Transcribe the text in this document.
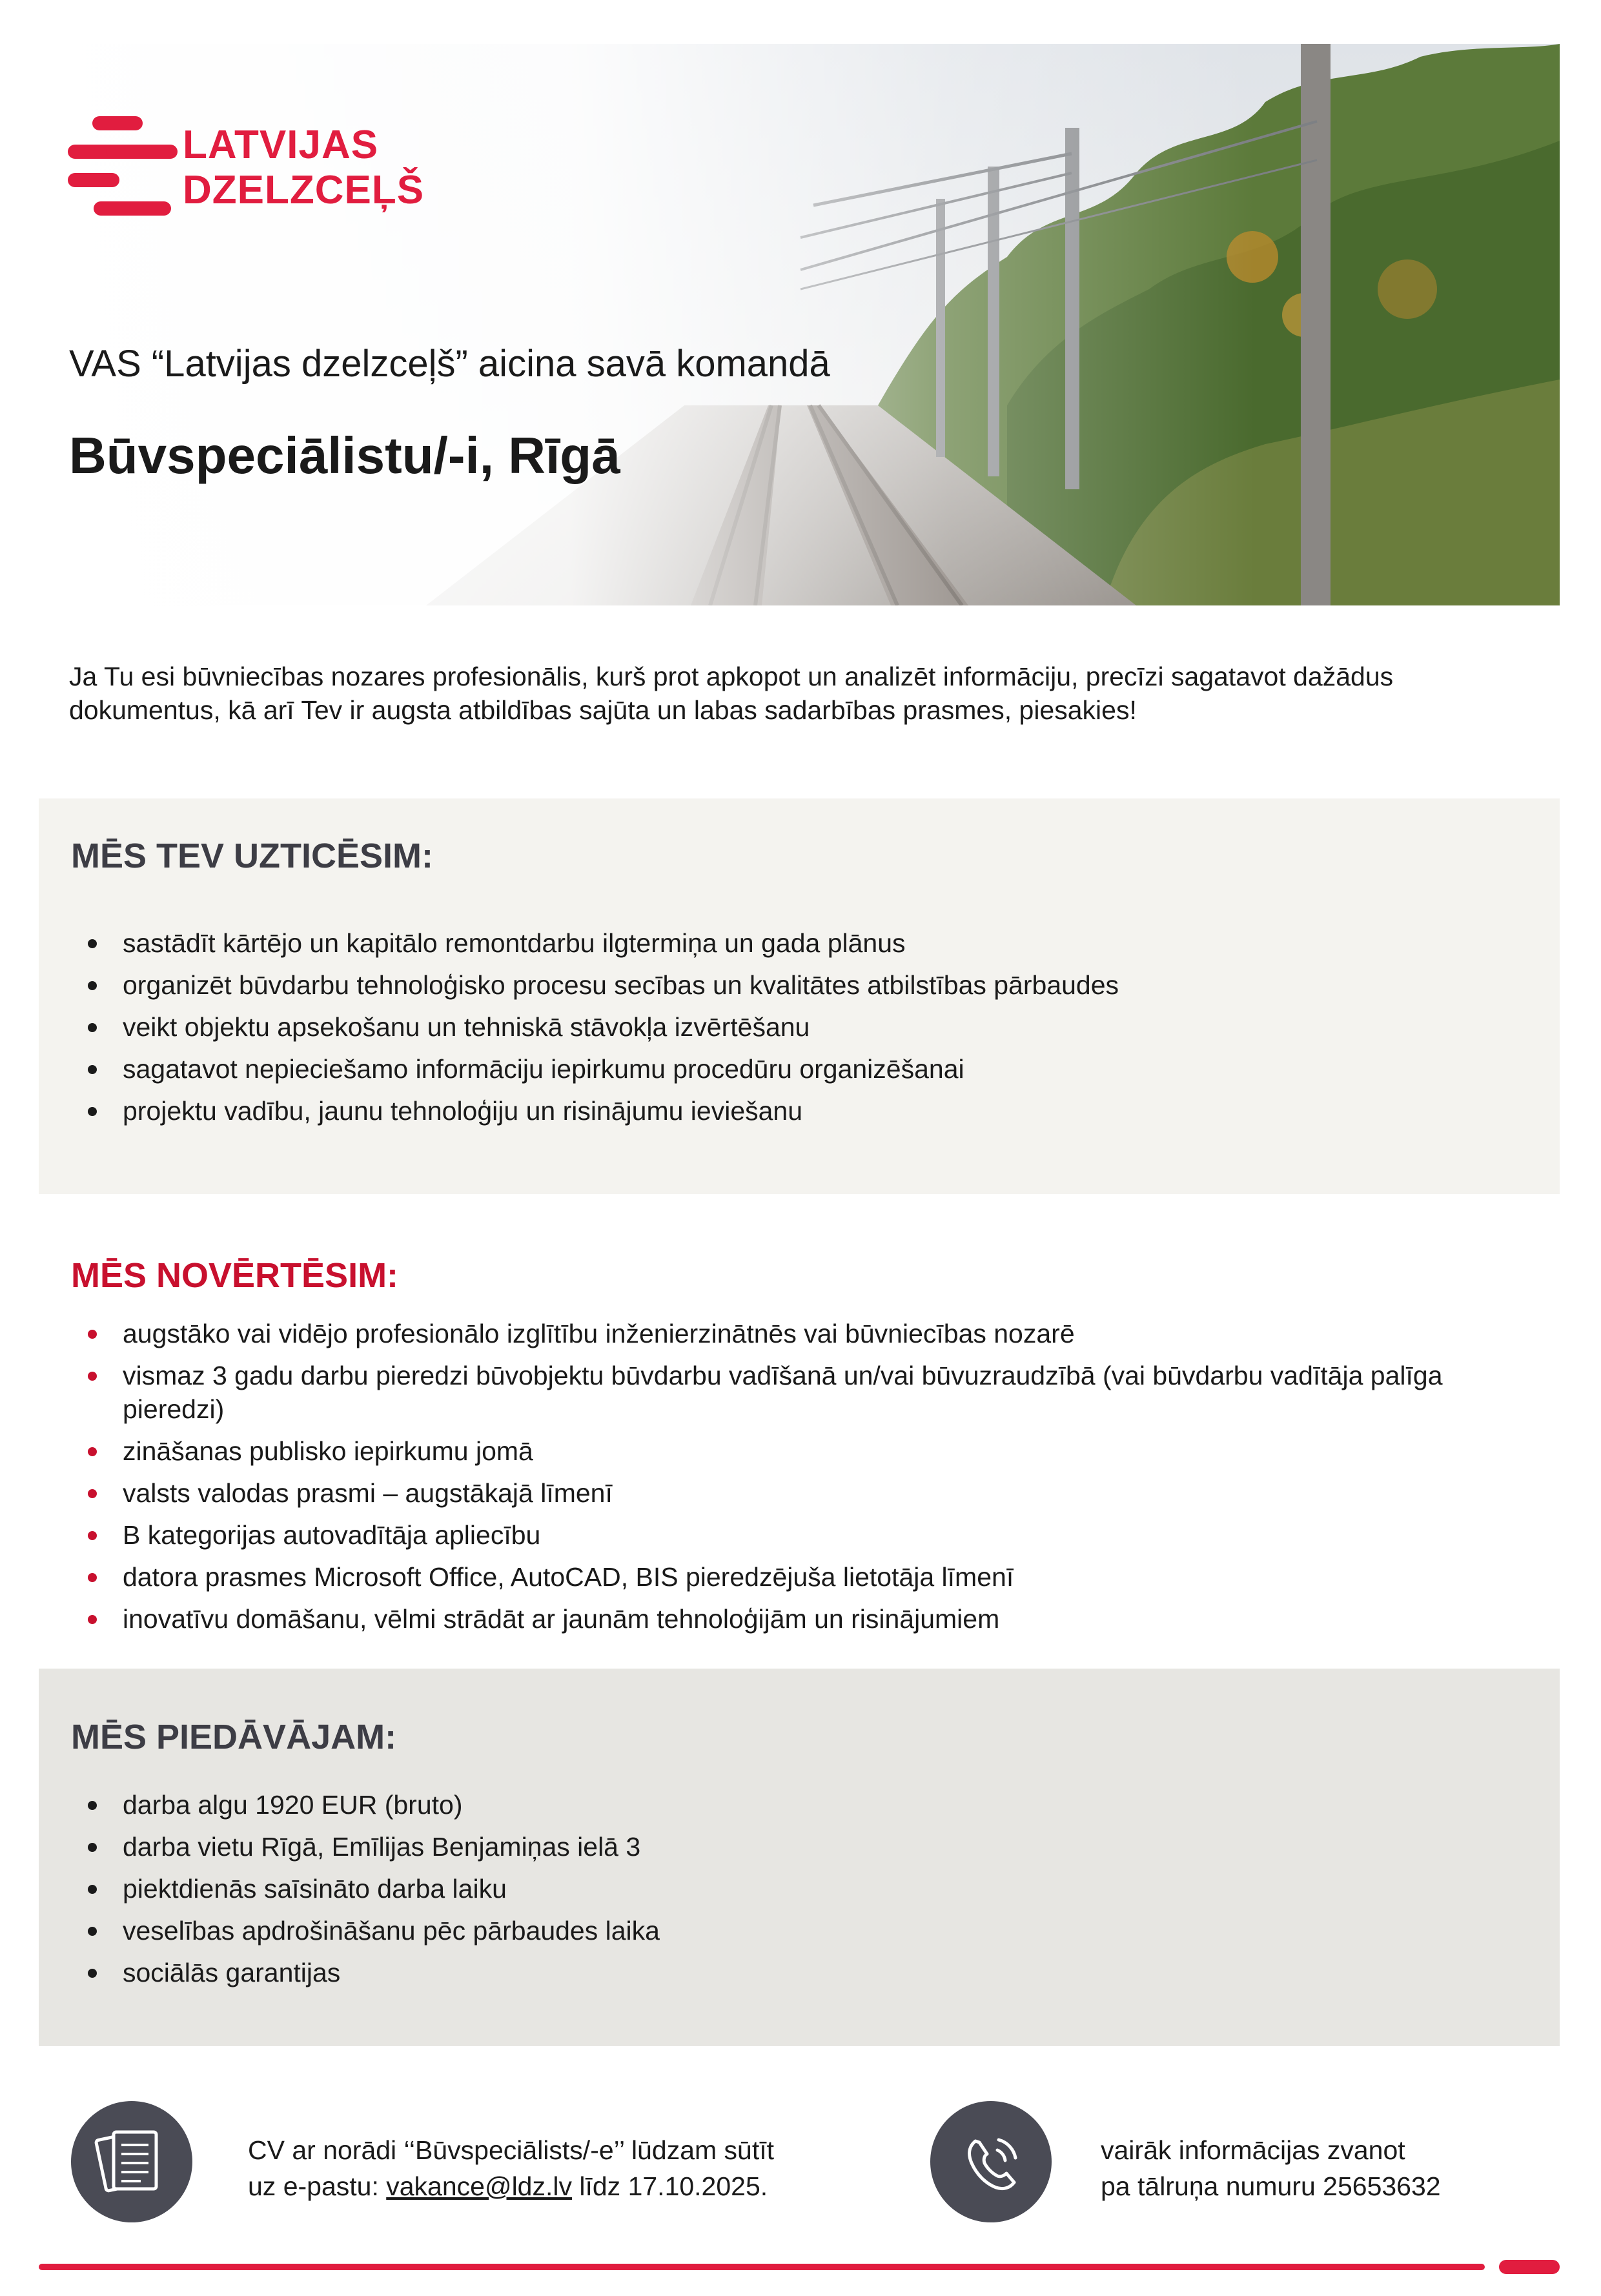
LATVIJAS
DZELZCEĻŠ
VAS “Latvijas dzelzceļš” aicina savā komandā
Būvspeciālistu/-i, Rīgā
Ja Tu esi būvniecības nozares profesionālis, kurš prot apkopot un analizēt informāciju, precīzi sagatavot dažādus dokumentus, kā arī Tev ir augsta atbildības sajūta un labas sadarbības prasmes, piesakies!
MĒS TEV UZTICĒSIM:
sastādīt kārtējo un kapitālo remontdarbu ilgtermiņa un gada plānus
organizēt būvdarbu tehnoloģisko procesu secības un kvalitātes atbilstības pārbaudes
veikt objektu apsekošanu un tehniskā stāvokļa izvērtēšanu
sagatavot nepieciešamo informāciju iepirkumu procedūru organizēšanai
projektu vadību, jaunu tehnoloģiju un risinājumu ieviešanu
MĒS NOVĒRTĒSIM:
augstāko vai vidējo profesionālo izglītību inženierzinātnēs vai būvniecības nozarē
vismaz 3 gadu darbu pieredzi būvobjektu būvdarbu vadīšanā un/vai būvuzraudzībā (vai būvdarbu vadītāja palīga pieredzi)
zināšanas publisko iepirkumu jomā
valsts valodas prasmi – augstākajā līmenī
B kategorijas autovadītāja apliecību
datora prasmes Microsoft Office, AutoCAD, BIS pieredzējuša lietotāja līmenī
inovatīvu domāšanu, vēlmi strādāt ar jaunām tehnoloģijām un risinājumiem
MĒS PIEDĀVĀJAM:
darba algu 1920 EUR (bruto)
darba vietu Rīgā, Emīlijas Benjamiņas ielā 3
piektdienās saīsināto darba laiku
veselības apdrošināšanu pēc pārbaudes laika
sociālās garantijas
CV ar norādi ‘‘Būvspeciālists/-e’’ lūdzam sūtīt
uz e-pastu: vakance@ldz.lv līdz 17.10.2025.
vairāk informācijas zvanot
pa tālruņa numuru 25653632
